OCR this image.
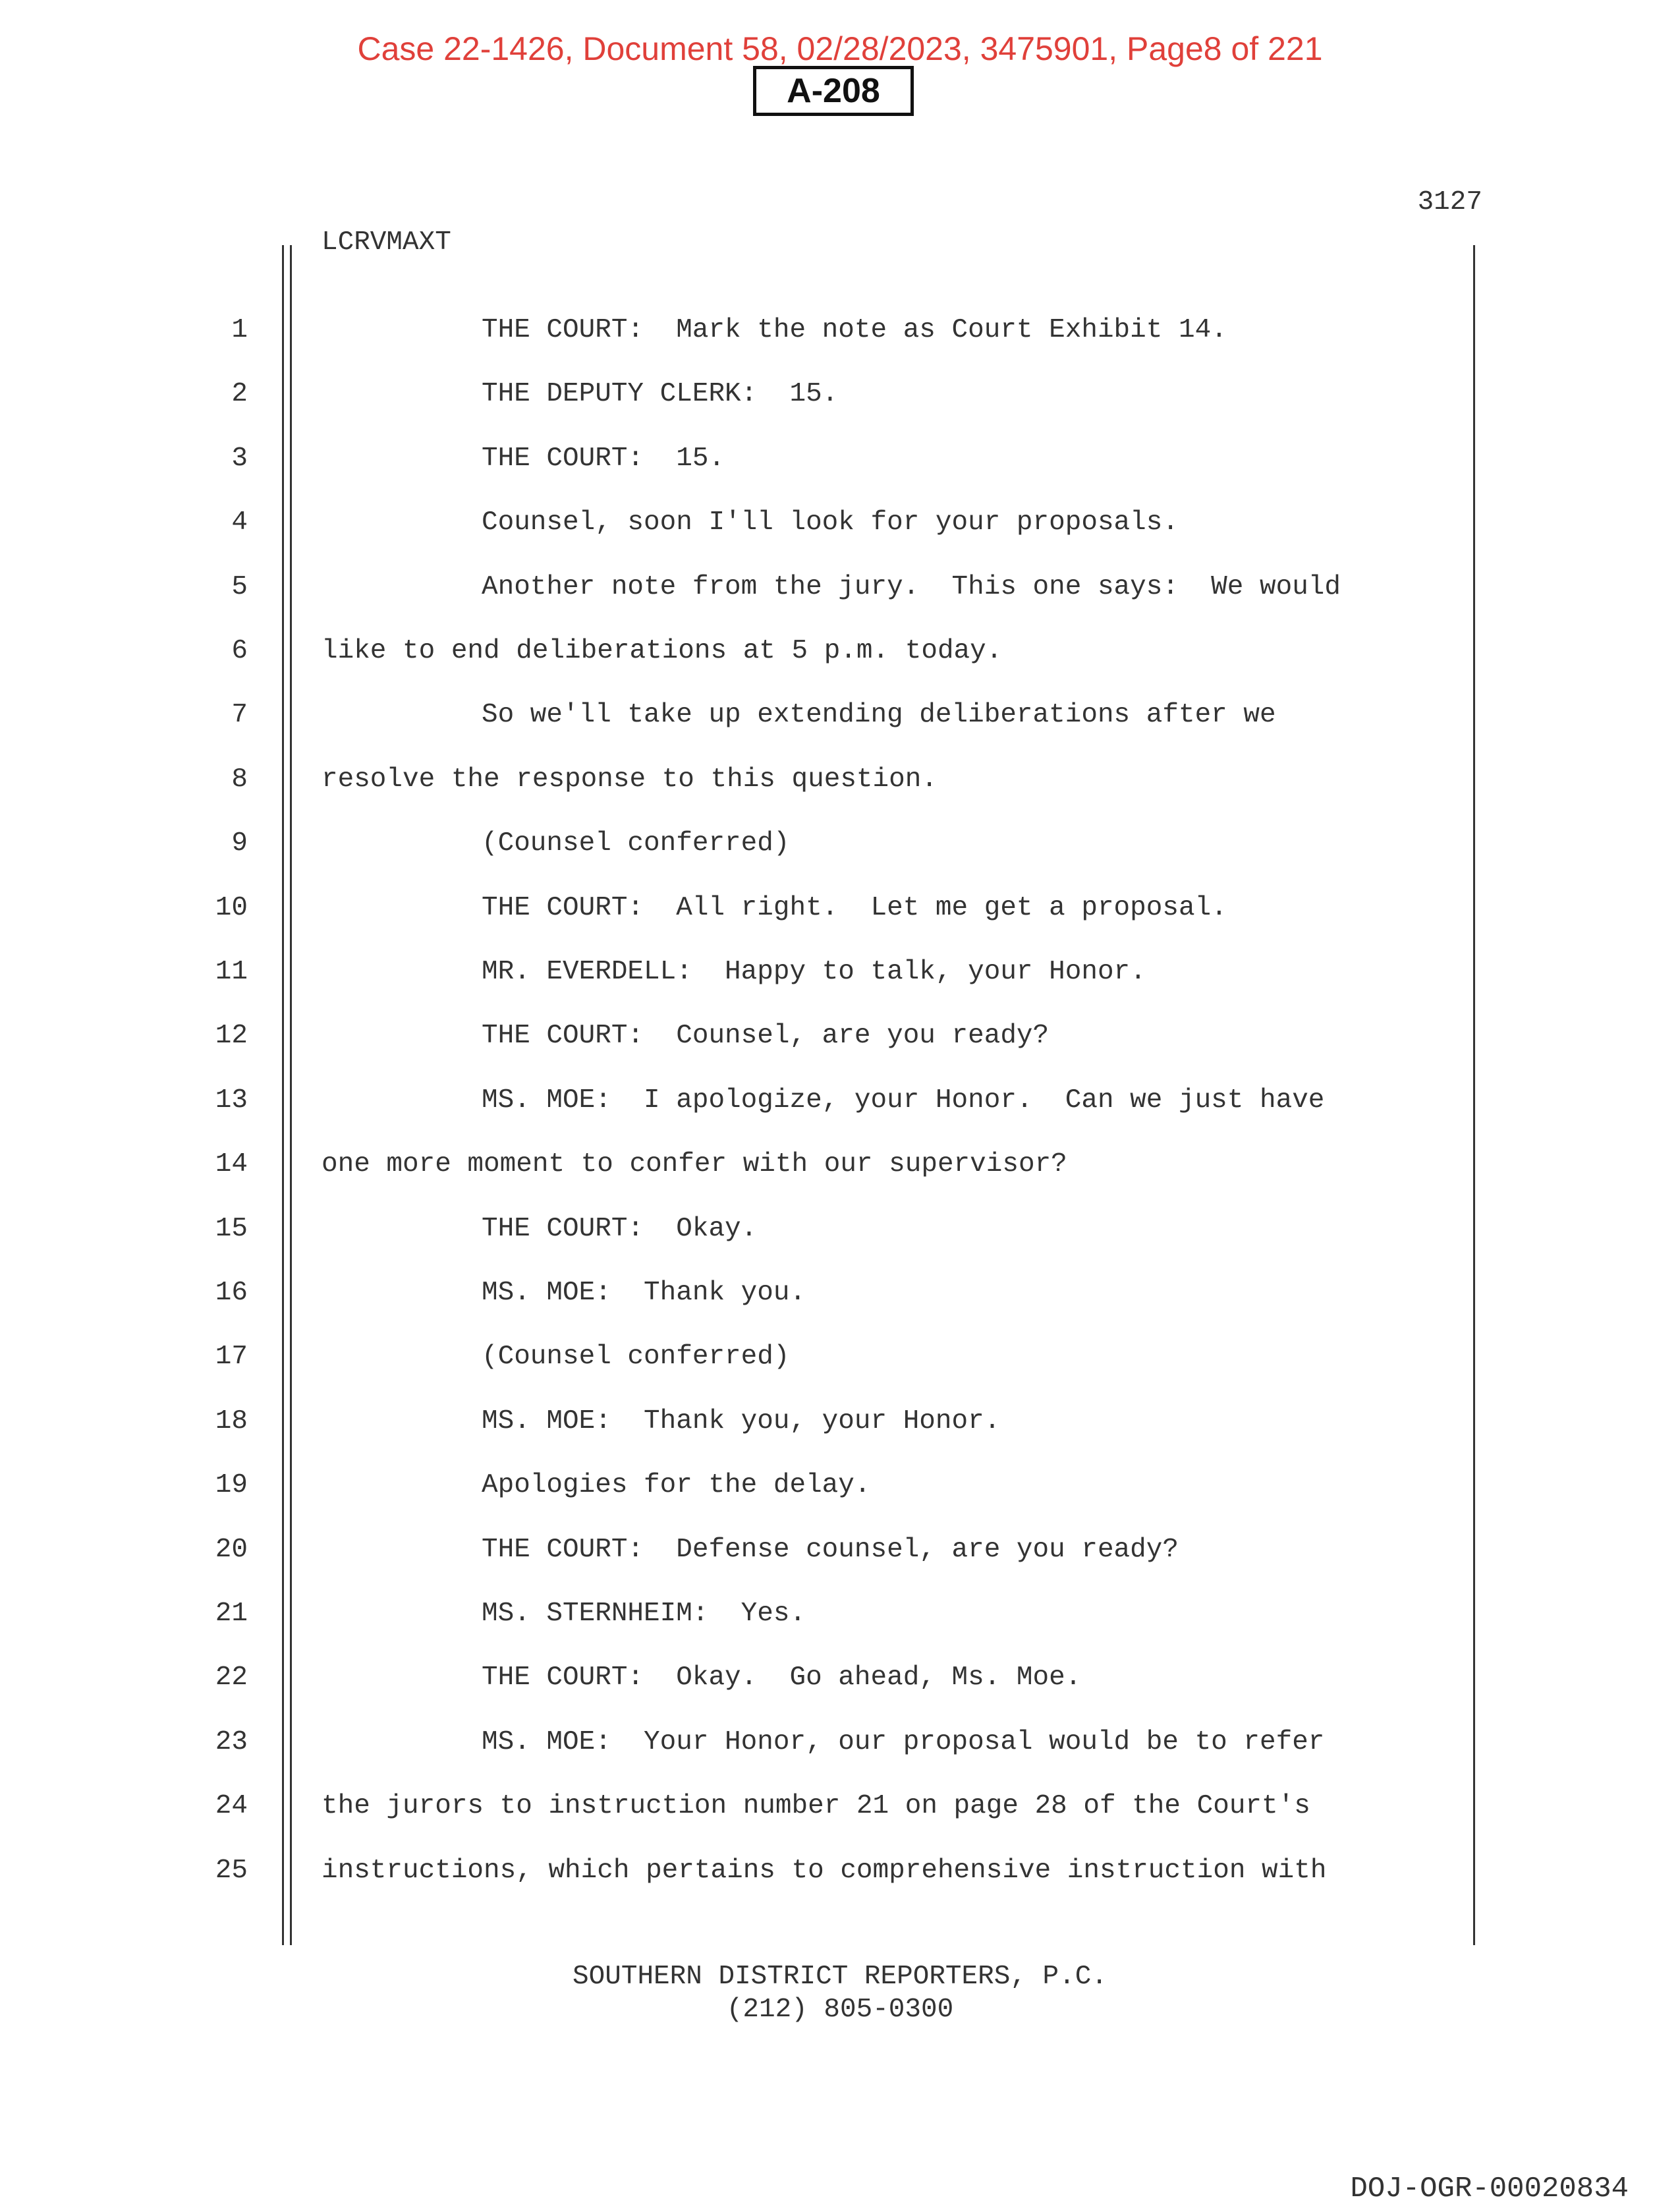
A-208
Case 22-1426, Document 58, 02/28/2023, 3475901, Page8 of 221
3127
LCRVMAXT
1	THE COURT:  Mark the note as Court Exhibit 14.
2	THE DEPUTY CLERK:  15.
3	THE COURT:  15.
4	Counsel, soon I'll look for your proposals.
5	Another note from the jury.  This one says:  We would
6	like to end deliberations at 5 p.m. today.
7	So we'll take up extending deliberations after we
8	resolve the response to this question.
9	(Counsel conferred)
10	THE COURT:  All right.  Let me get a proposal.
11	MR. EVERDELL:  Happy to talk, your Honor.
12	THE COURT:  Counsel, are you ready?
13	MS. MOE:  I apologize, your Honor.  Can we just have
14	one more moment to confer with our supervisor?
15	THE COURT:  Okay.
16	MS. MOE:  Thank you.
17	(Counsel conferred)
18	MS. MOE:  Thank you, your Honor.
19	Apologies for the delay.
20	THE COURT:  Defense counsel, are you ready?
21	MS. STERNHEIM:  Yes.
22	THE COURT:  Okay.  Go ahead, Ms. Moe.
23	MS. MOE:  Your Honor, our proposal would be to refer
24	the jurors to instruction number 21 on page 28 of the Court's
25	instructions, which pertains to comprehensive instruction with
SOUTHERN DISTRICT REPORTERS, P.C.
(212) 805-0300
DOJ-OGR-00020834
